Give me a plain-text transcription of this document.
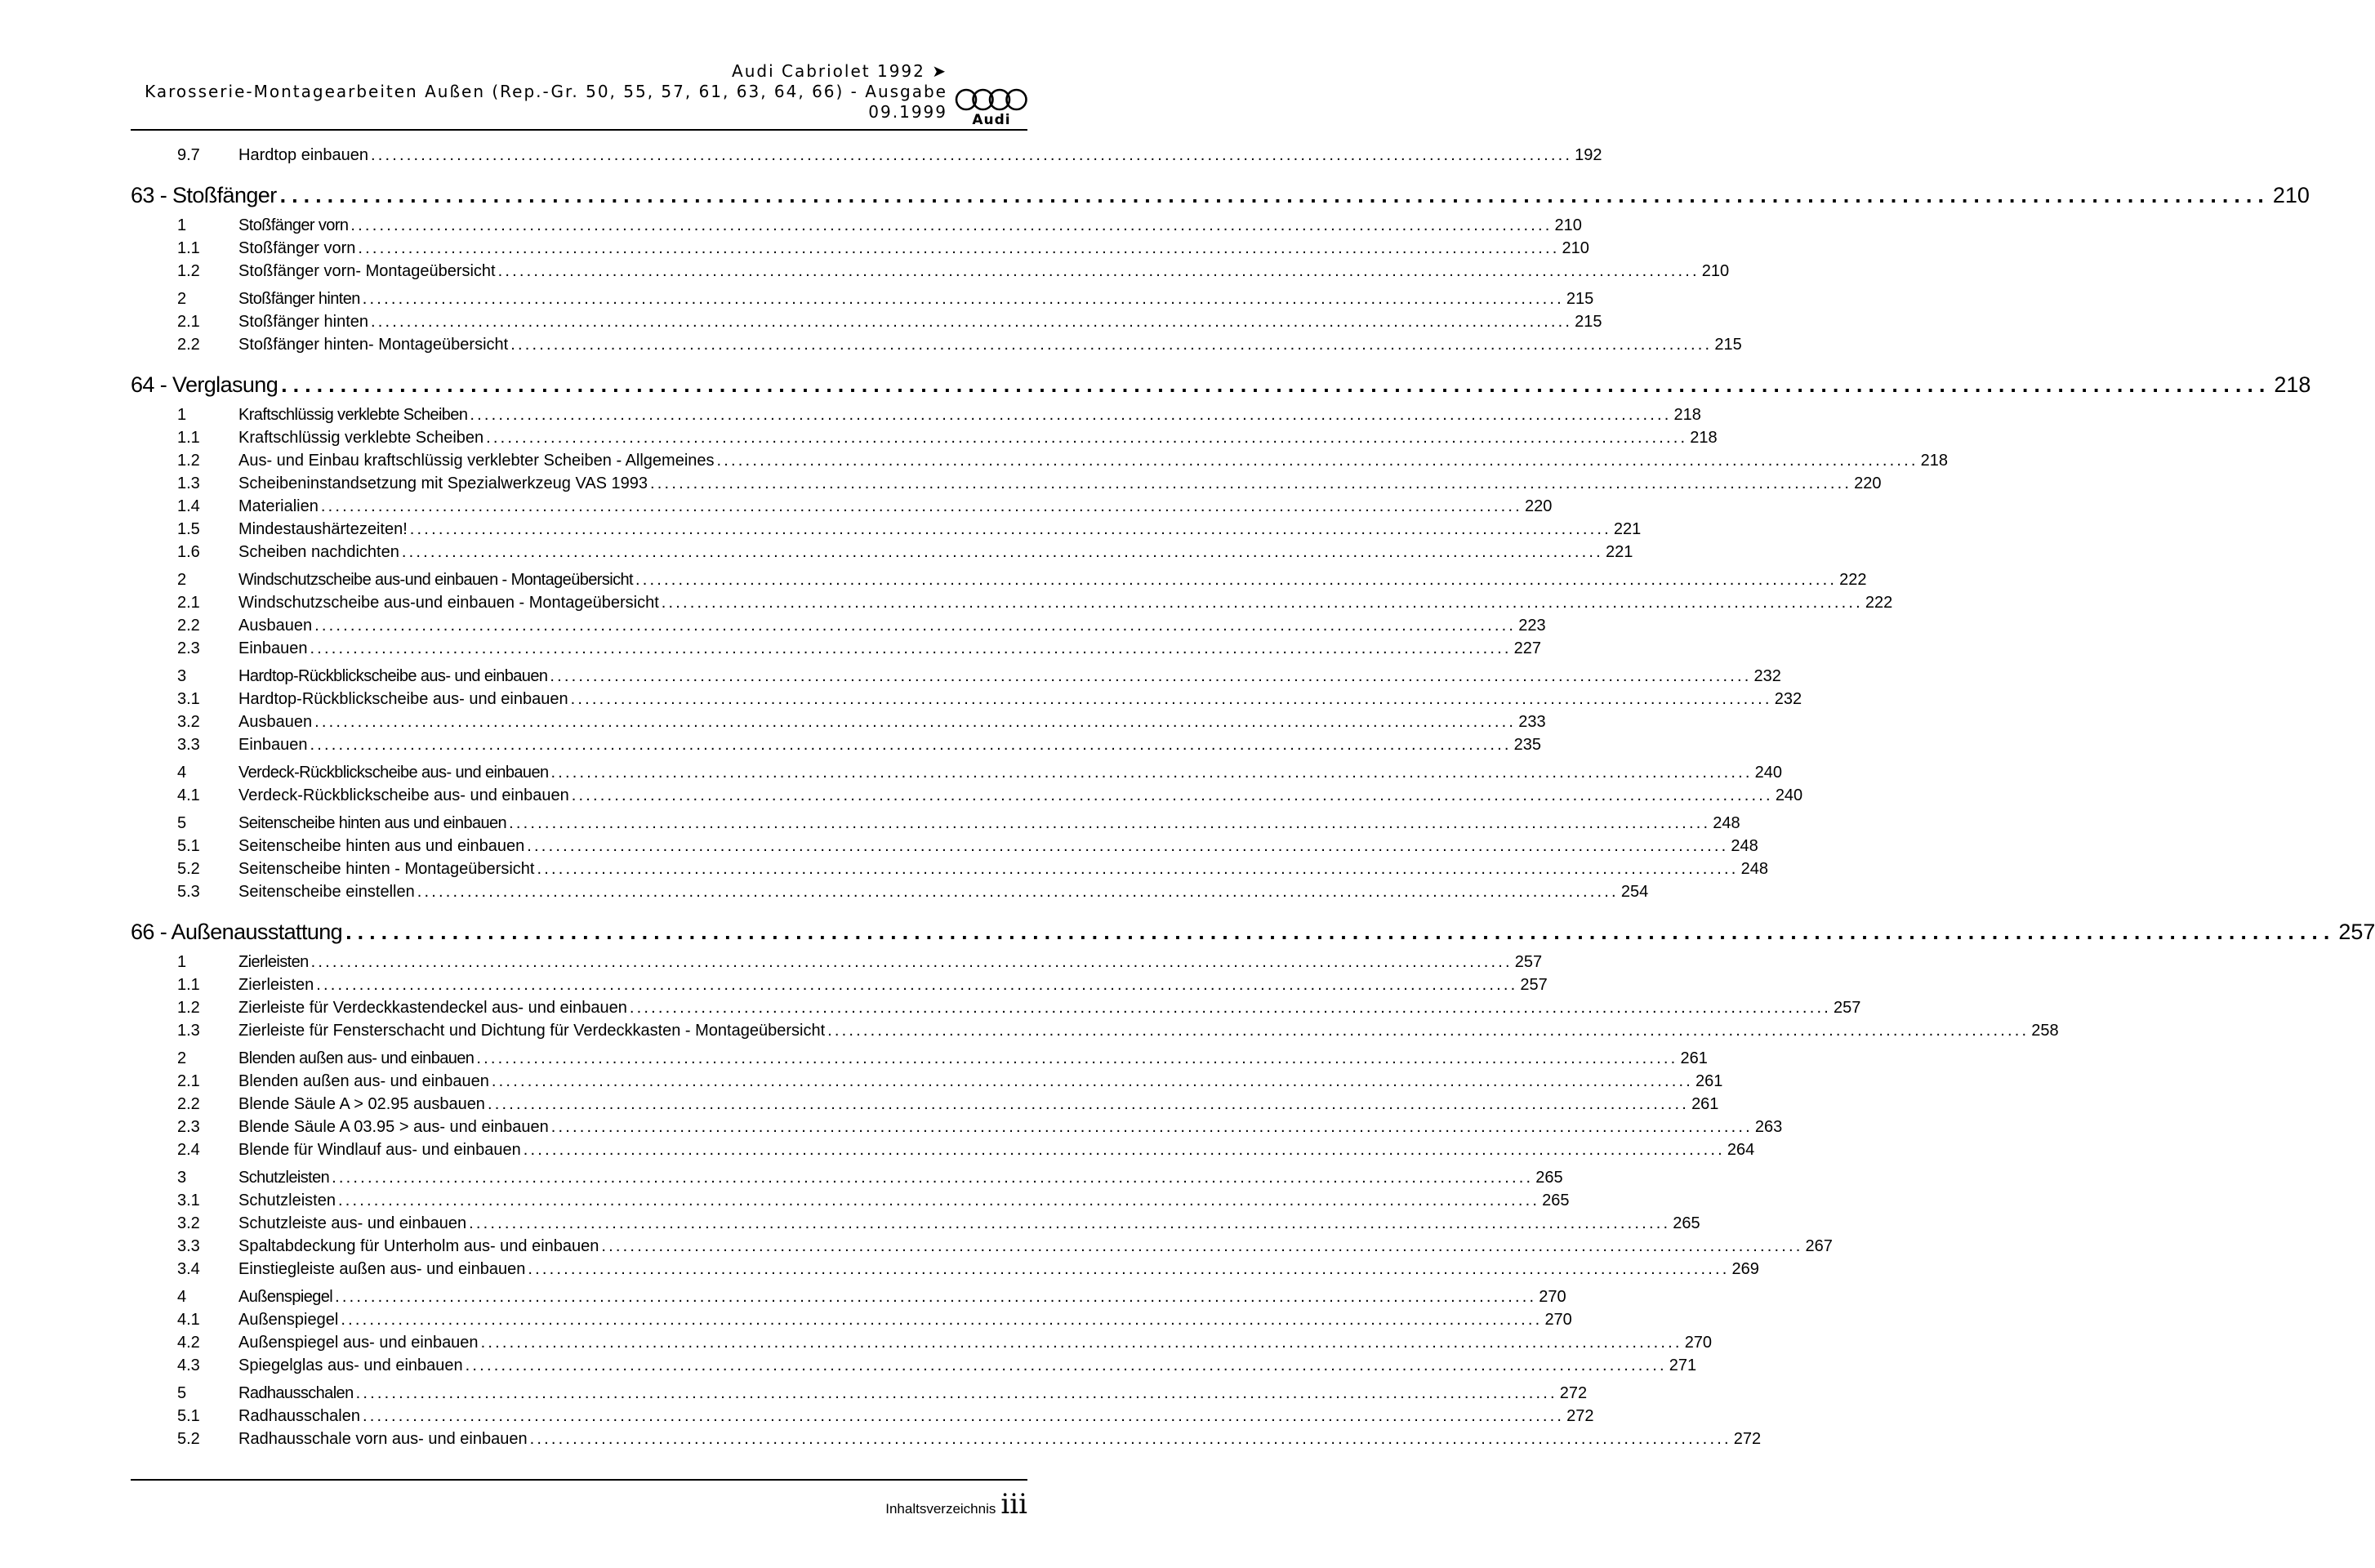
Audi Cabriolet 1992 ➤
Karosserie-Montagearbeiten Außen (Rep.-Gr. 50, 55, 57, 61, 63, 64, 66) - Ausgabe
09.1999	Audi
9.7	Hardtop einbauen ........................................................................................................................................................................ 192
63 - Stoßfänger ........................................................................................................................................................................ 210
1	Stoßfänger vorn ........................................................................................................................................................................ 210
1.1	Stoßfänger vorn ........................................................................................................................................................................ 210
1.2	Stoßfänger vorn- Montageübersicht ........................................................................................................................................................................ 210
2	Stoßfänger hinten ........................................................................................................................................................................ 215
2.1	Stoßfänger hinten ........................................................................................................................................................................ 215
2.2	Stoßfänger hinten- Montageübersicht ........................................................................................................................................................................ 215
64 - Verglasung ........................................................................................................................................................................ 218
1	Kraftschlüssig verklebte Scheiben ........................................................................................................................................................................ 218
1.1	Kraftschlüssig verklebte Scheiben ........................................................................................................................................................................ 218
1.2	Aus- und Einbau kraftschlüssig verklebter Scheiben - Allgemeines ........................................................................................................................................................................ 218
1.3	Scheibeninstandsetzung mit Spezialwerkzeug VAS 1993 ........................................................................................................................................................................ 220
1.4	Materialien ........................................................................................................................................................................ 220
1.5	Mindestaushärtezeiten! ........................................................................................................................................................................ 221
1.6	Scheiben nachdichten ........................................................................................................................................................................ 221
2	Windschutzscheibe aus-und einbauen - Montageübersicht ........................................................................................................................................................................ 222
2.1	Windschutzscheibe aus-und einbauen - Montageübersicht ........................................................................................................................................................................ 222
2.2	Ausbauen ........................................................................................................................................................................ 223
2.3	Einbauen ........................................................................................................................................................................ 227
3	Hardtop-Rückblickscheibe aus- und einbauen ........................................................................................................................................................................ 232
3.1	Hardtop-Rückblickscheibe aus- und einbauen ........................................................................................................................................................................ 232
3.2	Ausbauen ........................................................................................................................................................................ 233
3.3	Einbauen ........................................................................................................................................................................ 235
4	Verdeck-Rückblickscheibe aus- und einbauen ........................................................................................................................................................................ 240
4.1	Verdeck-Rückblickscheibe aus- und einbauen ........................................................................................................................................................................ 240
5	Seitenscheibe hinten aus und einbauen ........................................................................................................................................................................ 248
5.1	Seitenscheibe hinten aus und einbauen ........................................................................................................................................................................ 248
5.2	Seitenscheibe hinten - Montageübersicht ........................................................................................................................................................................ 248
5.3	Seitenscheibe einstellen ........................................................................................................................................................................ 254
66 - Außenausstattung ........................................................................................................................................................................ 257
1	Zierleisten ........................................................................................................................................................................ 257
1.1	Zierleisten ........................................................................................................................................................................ 257
1.2	Zierleiste für Verdeckkastendeckel aus- und einbauen ........................................................................................................................................................................ 257
1.3	Zierleiste für Fensterschacht und Dichtung für Verdeckkasten - Montageübersicht ........................................................................................................................................................................ 258
2	Blenden außen aus- und einbauen ........................................................................................................................................................................ 261
2.1	Blenden außen aus- und einbauen ........................................................................................................................................................................ 261
2.2	Blende Säule A > 02.95 ausbauen ........................................................................................................................................................................ 261
2.3	Blende Säule A 03.95 > aus- und einbauen ........................................................................................................................................................................ 263
2.4	Blende für Windlauf aus- und einbauen ........................................................................................................................................................................ 264
3	Schutzleisten ........................................................................................................................................................................ 265
3.1	Schutzleisten ........................................................................................................................................................................ 265
3.2	Schutzleiste aus- und einbauen ........................................................................................................................................................................ 265
3.3	Spaltabdeckung für Unterholm aus- und einbauen ........................................................................................................................................................................ 267
3.4	Einstiegleiste außen aus- und einbauen ........................................................................................................................................................................ 269
4	Außenspiegel ........................................................................................................................................................................ 270
4.1	Außenspiegel ........................................................................................................................................................................ 270
4.2	Außenspiegel aus- und einbauen ........................................................................................................................................................................ 270
4.3	Spiegelglas aus- und einbauen ........................................................................................................................................................................ 271
5	Radhausschalen ........................................................................................................................................................................ 272
5.1	Radhausschalen ........................................................................................................................................................................ 272
5.2	Radhausschale vorn aus- und einbauen ........................................................................................................................................................................ 272
Inhaltsverzeichnis iii
